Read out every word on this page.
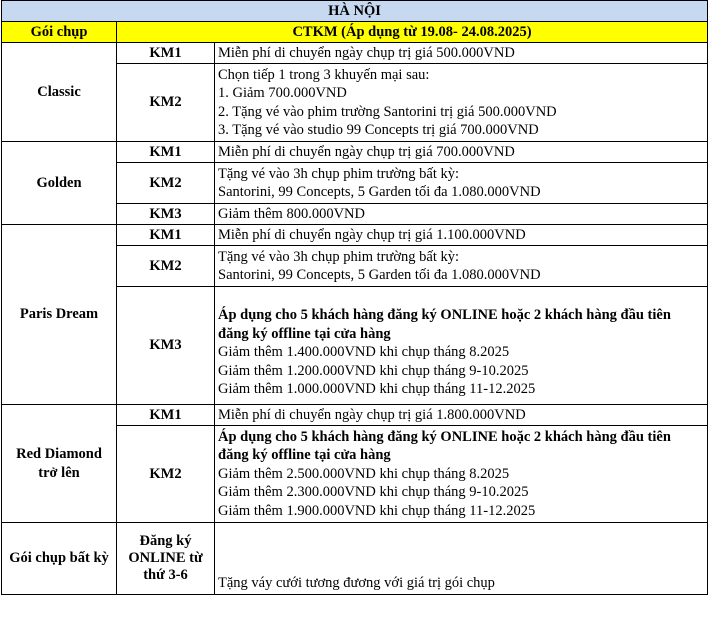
HÀ NỘI		
Gói chụp	CTKM (Áp dụng từ 19.08- 24.08.2025)	
Classic	KM1	Miễn phí di chuyển ngày chụp trị giá 500.000VND

	KM2	Chọn tiếp 1 trong 3 khuyến mại sau:
1. Giảm 700.000VND
2. Tặng vé vào phim trường Santorini trị giá 500.000VND
3. Tặng vé vào studio 99 Concepts trị giá 700.000VND

Golden	KM1	Miễn phí di chuyển ngày chụp trị giá 700.000VND

	KM2	Tặng vé vào 3h chụp phim trường bất kỳ:
Santorini, 99 Concepts, 5 Garden tối đa 1.080.000VND

	KM3	Giảm thêm 800.000VND

Paris Dream	KM1	Miễn phí di chuyển ngày chụp trị giá 1.100.000VND

	KM2	Tặng vé vào 3h chụp phim trường bất kỳ:
Santorini, 99 Concepts, 5 Garden tối đa 1.080.000VND

	KM3	Áp dụng cho 5 khách hàng đăng ký ONLINE hoặc 2 khách hàng đầu tiên đăng ký offline tại cửa hàng
Giảm thêm 1.400.000VND khi chụp tháng 8.2025
Giảm thêm 1.200.000VND khi chụp tháng 9-10.2025
Giảm thêm 1.000.000VND khi chụp tháng 11-12.2025

Red Diamond
trở lên	KM1	Miễn phí di chuyển ngày chụp trị giá 1.800.000VND

	KM2	Áp dụng cho 5 khách hàng đăng ký ONLINE hoặc 2 khách hàng đầu tiên đăng ký offline tại cửa hàng
Giảm thêm 2.500.000VND khi chụp tháng 8.2025
Giảm thêm 2.300.000VND khi chụp tháng 9-10.2025
Giảm thêm 1.900.000VND khi chụp tháng 11-12.2025

Gói chụp bất kỳ	Đăng ký ONLINE từ thứ 3-6	Tặng váy cưới tương đương với giá trị gói chụp
